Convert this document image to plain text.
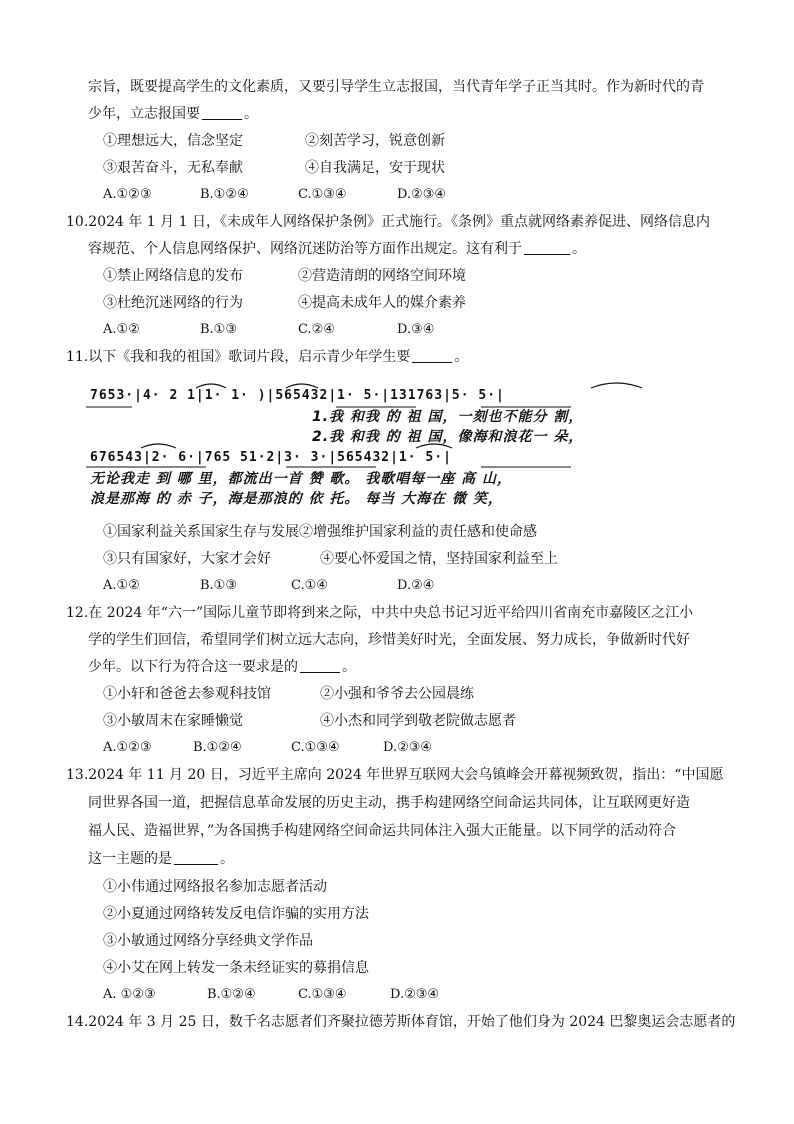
宗旨，既要提高学生的文化素质，又要引导学生立志报国，当代青年学子正当其时。作为新时代的青
少年，立志报国要	。
①理想远大，信念坚定	②刻苦学习，锐意创新
③艰苦奋斗，无私奉献	④自我满足，安于现状
A.①②③	B.①②④	C.①③④	D.②③④
10.2024 年 1 月 1 日，《未成年人网络保护条例》正式施行。《条例》重点就网络素养促进、网络信息内
容规范、个人信息网络保护、网络沉迷防治等方面作出规定。这有利于	。
①禁止网络信息的发布	②营造清朗的网络空间环境
③杜绝沉迷网络的行为	④提高未成年人的媒介素养
A.①②	B.①③	C.②④	D.③④
11.以下《我和我的祖国》歌词片段，启示青少年学生要	。
7653·|4· 2 1|1· 1· )|565432|1· 5·|131763|5· 5·|
1.我 和我 的 祖 国，一刻也不能分 割，
2.我 和我 的 祖 国，像海和浪花一 朵，
676543|2· 6·|765 51·2|3· 3·|565432|1· 5·|
无论我走 到 哪 里，都流出一首 赞 歌。 我歌唱每一座 高 山，
浪是那海 的 赤 子，海是那浪的 依 托。 每当 大海在 微 笑，
①国家利益关系国家生存与发展②增强维护国家利益的责任感和使命感
③只有国家好，大家才会好	④要心怀爱国之情，坚持国家利益至上
A.①②	B.①③	C.①④	D.②④
12.在 2024 年“六一”国际儿童节即将到来之际，中共中央总书记习近平给四川省南充市嘉陵区之江小
学的学生们回信，希望同学们树立远大志向，珍惜美好时光，全面发展、努力成长，争做新时代好
少年。以下行为符合这一要求是的	。
①小轩和爸爸去参观科技馆	②小强和爷爷去公园晨练
③小敏周末在家睡懒觉	④小杰和同学到敬老院做志愿者
A.①②③	B.①②④	C.①③④	D.②③④
13.2024 年 11 月 20 日，习近平主席向 2024 年世界互联网大会乌镇峰会开幕视频致贺，指出：“中国愿
同世界各国一道，把握信息革命发展的历史主动，携手构建网络空间命运共同体，让互联网更好造
福人民、造福世界，”为各国携手构建网络空间命运共同体注入强大正能量。以下同学的活动符合
这一主题的是	。
①小伟通过网络报名参加志愿者活动
②小夏通过网络转发反电信诈骗的实用方法
③小敏通过网络分享经典文学作品
④小艾在网上转发一条未经证实的募捐信息
A. ①②③	B.①②④	C.①③④	D.②③④
14.2024 年 3 月 25 日，数千名志愿者们齐聚拉德芳斯体育馆，开始了他们身为 2024 巴黎奥运会志愿者的
